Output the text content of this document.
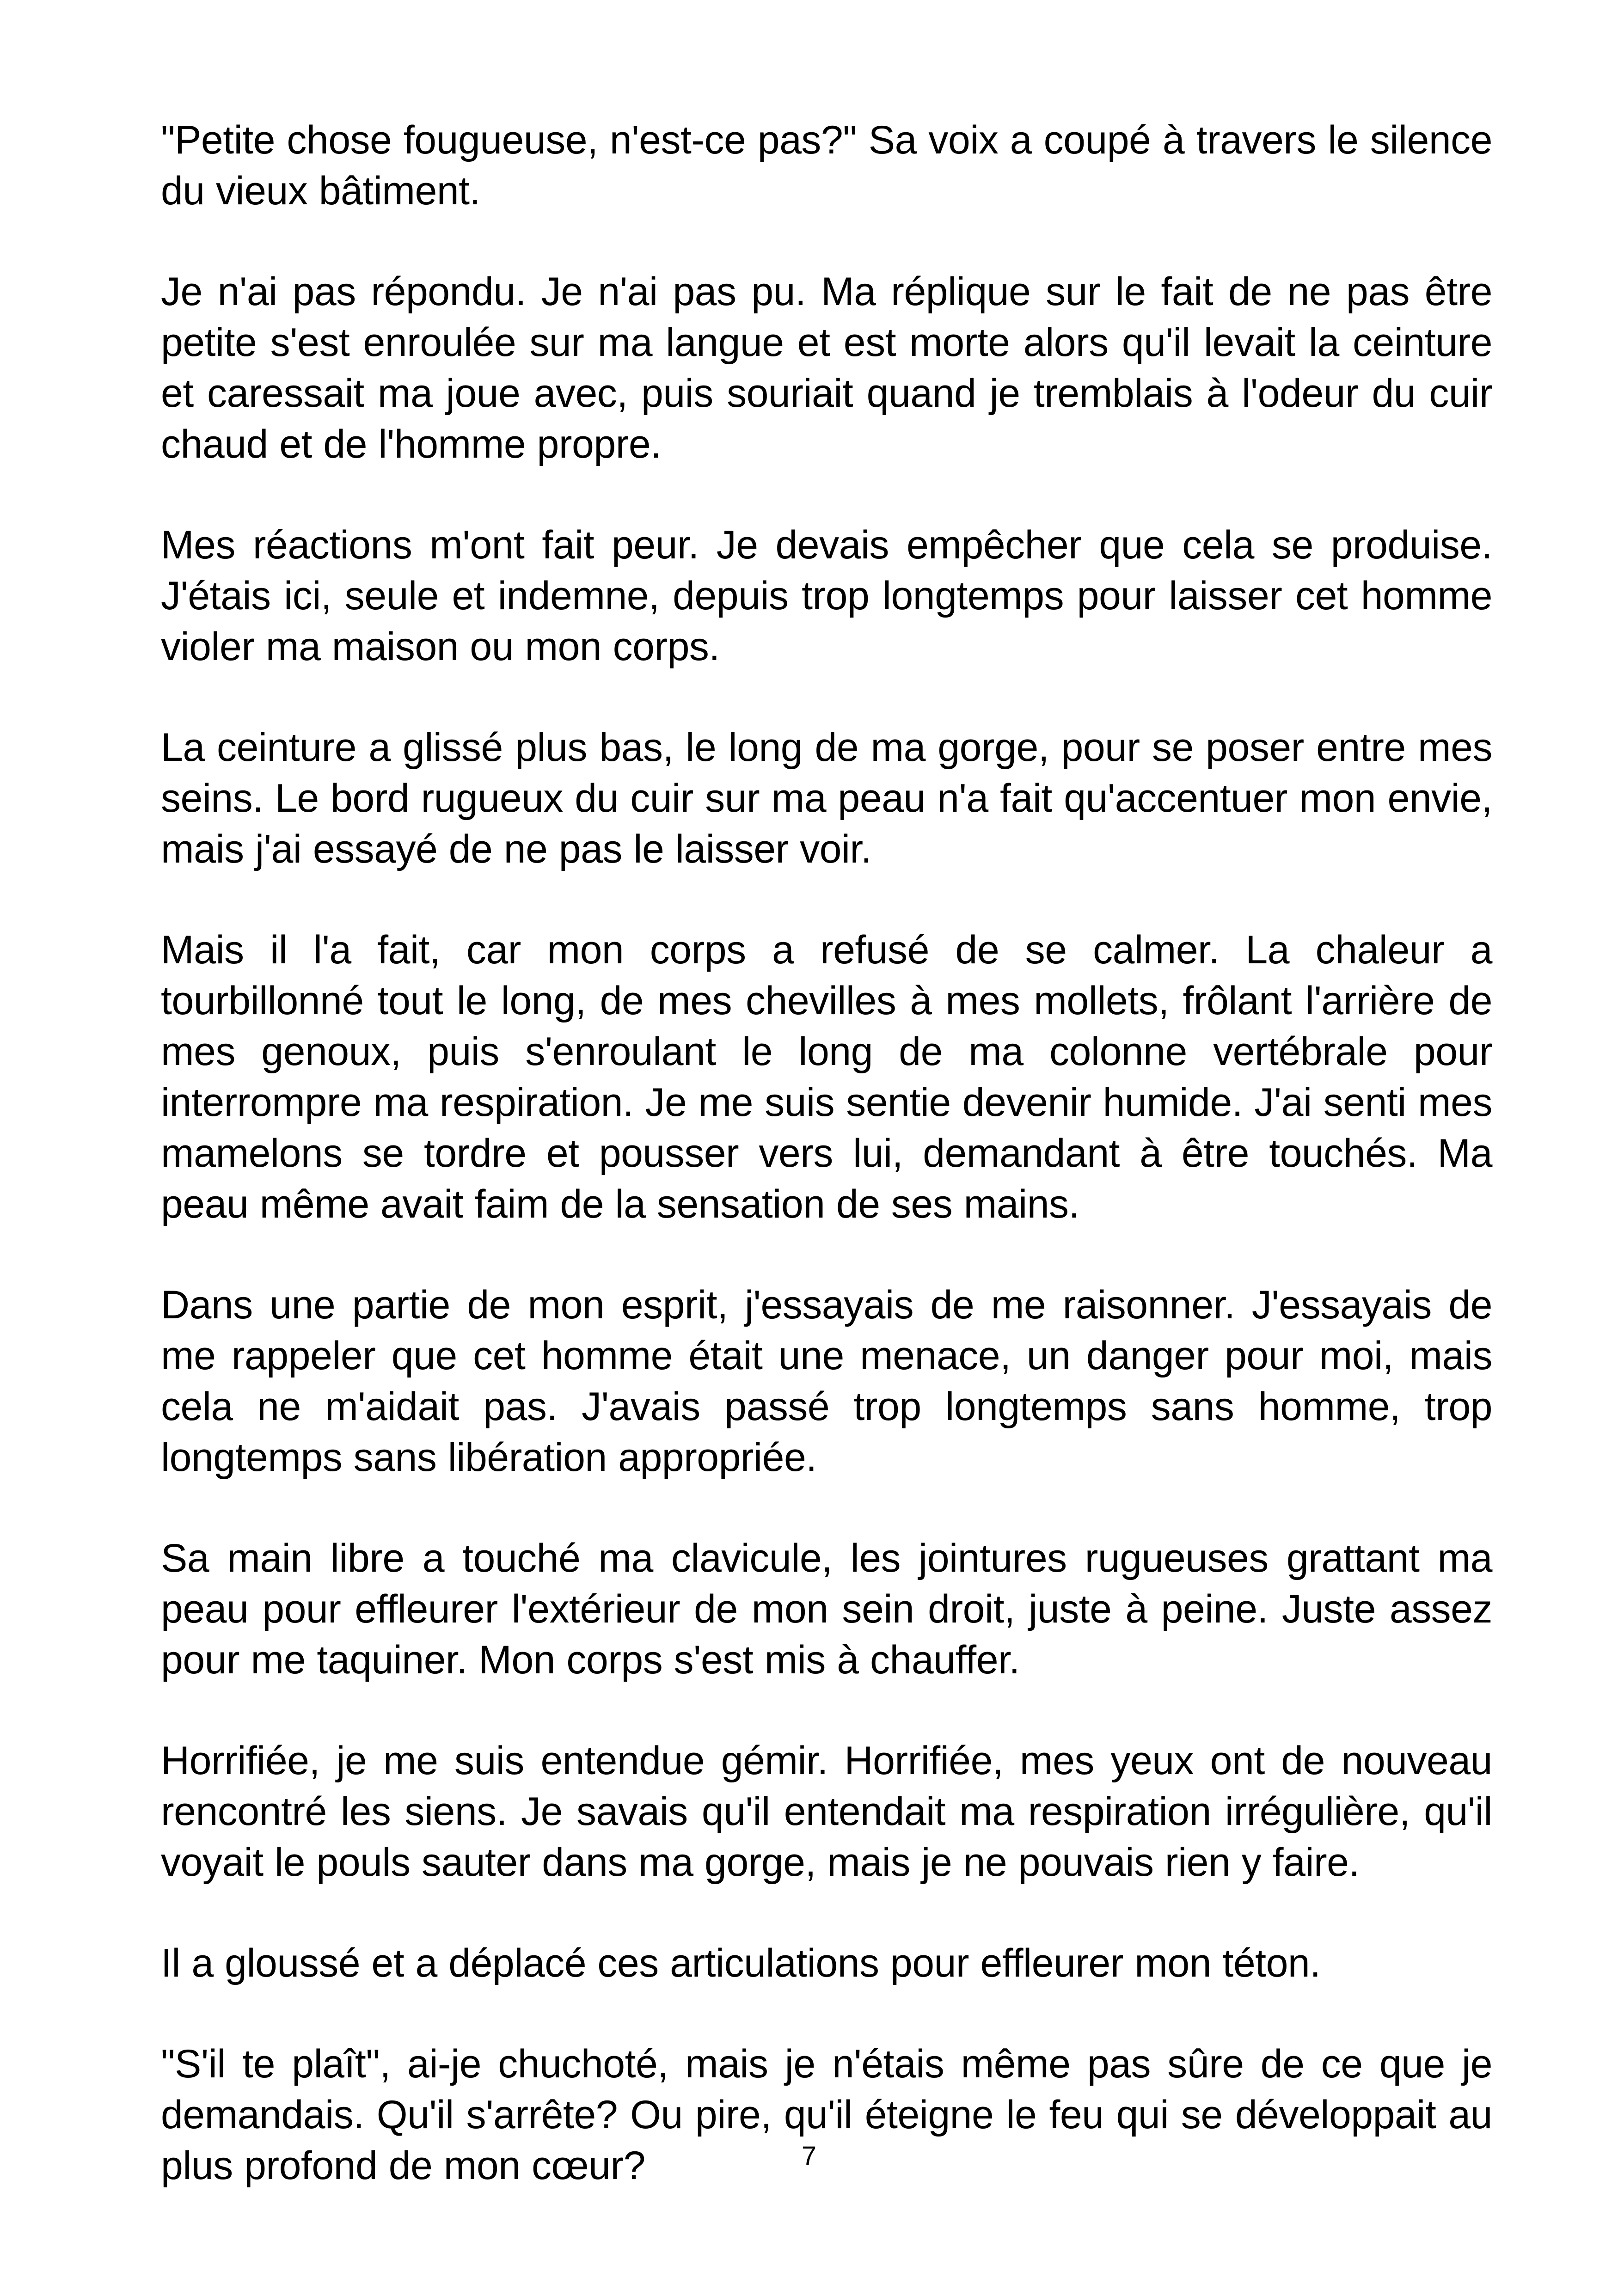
"Petite chose fougueuse, n'est-ce pas?" Sa voix a coupé à travers le silence du vieux bâtiment.

Je n'ai pas répondu. Je n'ai pas pu. Ma réplique sur le fait de ne pas être petite s'est enroulée sur ma langue et est morte alors qu'il levait la ceinture et caressait ma joue avec, puis souriait quand je tremblais à l'odeur du cuir chaud et de l'homme propre.

Mes réactions m'ont fait peur. Je devais empêcher que cela se produise. J'étais ici, seule et indemne, depuis trop longtemps pour laisser cet homme violer ma maison ou mon corps.

La ceinture a glissé plus bas, le long de ma gorge, pour se poser entre mes seins. Le bord rugueux du cuir sur ma peau n'a fait qu'accentuer mon envie, mais j'ai essayé de ne pas le laisser voir.

Mais il l'a fait, car mon corps a refusé de se calmer. La chaleur a tourbillonné tout le long, de mes chevilles à mes mollets, frôlant l'arrière de mes genoux, puis s'enroulant le long de ma colonne vertébrale pour interrompre ma respiration. Je me suis sentie devenir humide. J'ai senti mes mamelons se tordre et pousser vers lui, demandant à être touchés. Ma peau même avait faim de la sensation de ses mains.

Dans une partie de mon esprit, j'essayais de me raisonner. J'essayais de me rappeler que cet homme était une menace, un danger pour moi, mais cela ne m'aidait pas. J'avais passé trop longtemps sans homme, trop longtemps sans libération appropriée.

Sa main libre a touché ma clavicule, les jointures rugueuses grattant ma peau pour effleurer l'extérieur de mon sein droit, juste à peine. Juste assez pour me taquiner. Mon corps s'est mis à chauffer.

Horrifiée, je me suis entendue gémir. Horrifiée, mes yeux ont de nouveau rencontré les siens. Je savais qu'il entendait ma respiration irrégulière, qu'il voyait le pouls sauter dans ma gorge, mais je ne pouvais rien y faire.

Il a gloussé et a déplacé ces articulations pour effleurer mon téton.

"S'il te plaît", ai-je chuchoté, mais je n'étais même pas sûre de ce que je demandais. Qu'il s'arrête? Ou pire, qu'il éteigne le feu qui se développait au plus profond de mon cœur?	7
